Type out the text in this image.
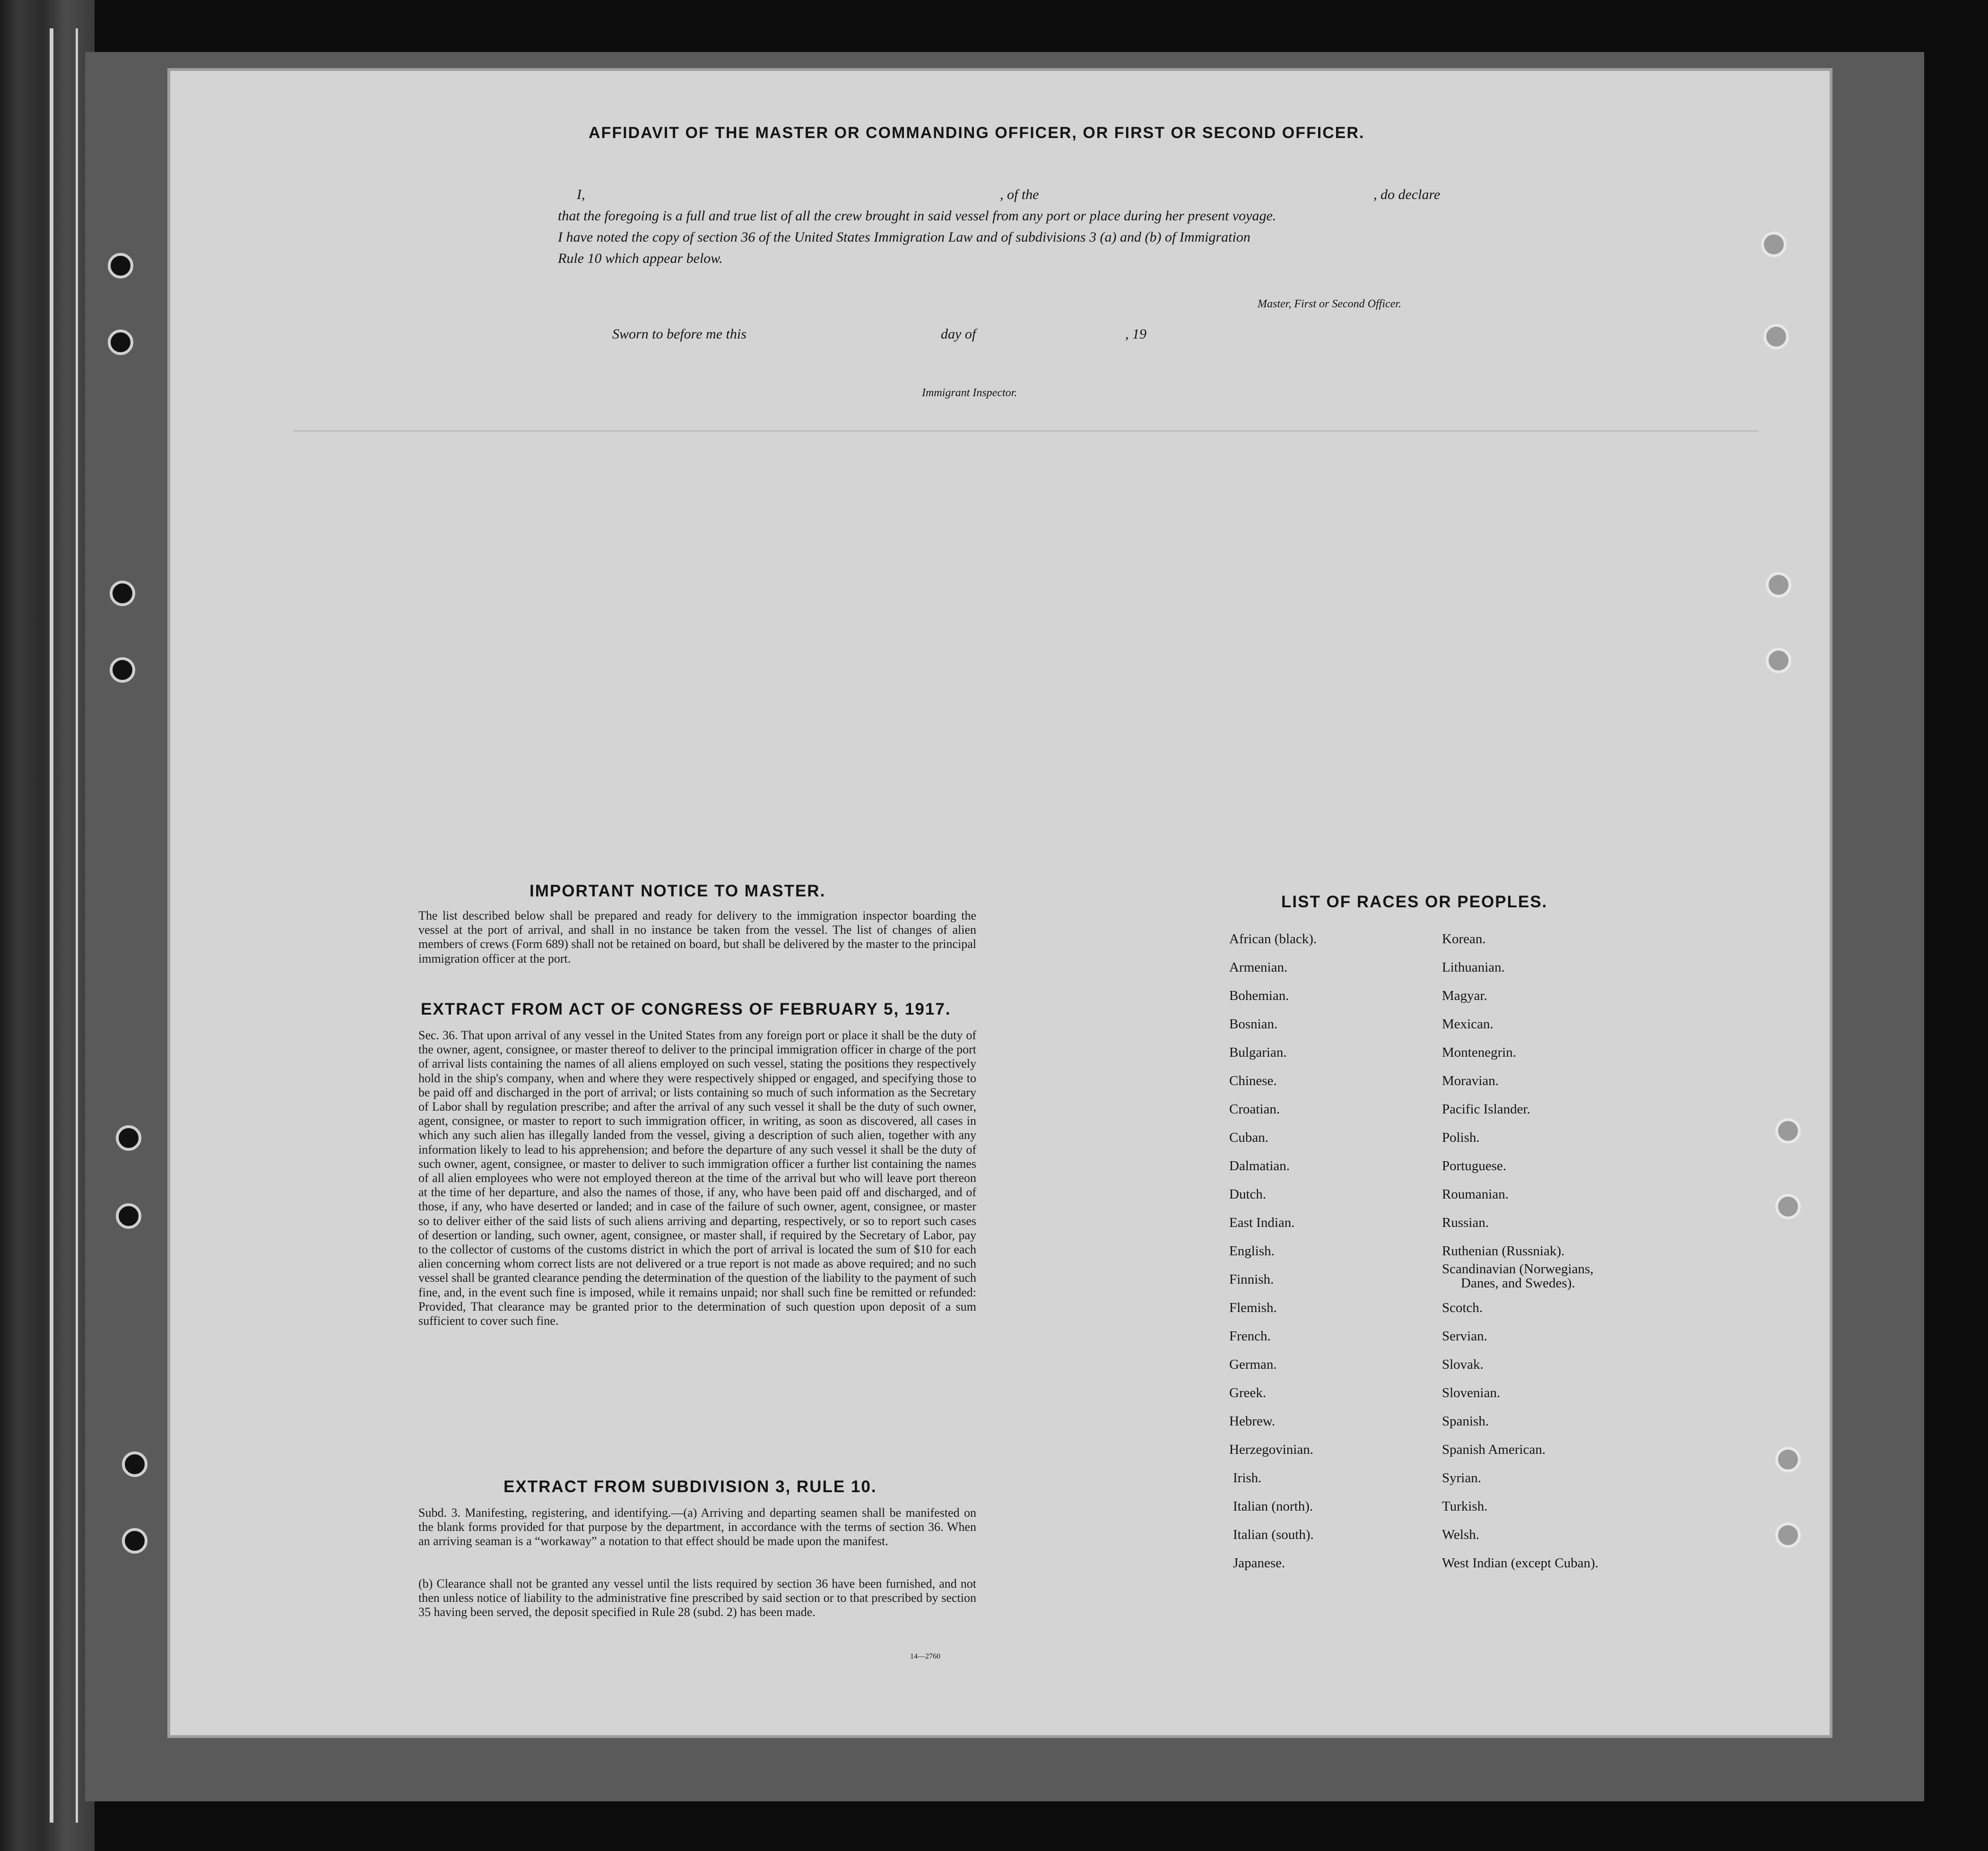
AFFIDAVIT OF THE MASTER OR COMMANDING OFFICER, OR FIRST OR SECOND OFFICER.
I,	, of the	, do declare
that the foregoing is a full and true list of all the crew brought in said vessel from any port or place during her present voyage.
I have noted the copy of section 36 of the United States Immigration Law and of subdivisions 3 (a) and (b) of Immigration
Rule 10 which appear below.
Master, First or Second Officer.
Sworn to before me this	day of	, 19
Immigrant Inspector.
IMPORTANT NOTICE TO MASTER.
The list described below shall be prepared and ready for delivery to the immigration inspector boarding the vessel at the port of arrival, and shall in no instance be taken from the vessel. The list of changes of alien members of crews (Form 689) shall not be retained on board, but shall be delivered by the master to the principal immigration officer at the port.
EXTRACT FROM ACT OF CONGRESS OF FEBRUARY 5, 1917.
Sec. 36. That upon arrival of any vessel in the United States from any foreign port or place it shall be the duty of the owner, agent, consignee, or master thereof to deliver to the principal immigration officer in charge of the port of arrival lists containing the names of all aliens employed on such vessel, stating the positions they respectively hold in the ship's company, when and where they were respectively shipped or engaged, and specifying those to be paid off and discharged in the port of arrival; or lists containing so much of such information as the Secretary of Labor shall by regulation prescribe; and after the arrival of any such vessel it shall be the duty of such owner, agent, consignee, or master to report to such immigration officer, in writing, as soon as discovered, all cases in which any such alien has illegally landed from the vessel, giving a description of such alien, together with any information likely to lead to his apprehension; and before the departure of any such vessel it shall be the duty of such owner, agent, consignee, or master to deliver to such immigration officer a further list containing the names of all alien employees who were not employed thereon at the time of the arrival but who will leave port thereon at the time of her departure, and also the names of those, if any, who have been paid off and discharged, and of those, if any, who have deserted or landed; and in case of the failure of such owner, agent, consignee, or master so to deliver either of the said lists of such aliens arriving and departing, respectively, or so to report such cases of desertion or landing, such owner, agent, consignee, or master shall, if required by the Secretary of Labor, pay to the collector of customs of the customs district in which the port of arrival is located the sum of $10 for each alien concerning whom correct lists are not delivered or a true report is not made as above required; and no such vessel shall be granted clearance pending the determination of the question of the liability to the payment of such fine, and, in the event such fine is imposed, while it remains unpaid; nor shall such fine be remitted or refunded: Provided, That clearance may be granted prior to the determination of such question upon deposit of a sum sufficient to cover such fine.
EXTRACT FROM SUBDIVISION 3, RULE 10.
Subd. 3. Manifesting, registering, and identifying.—(a) Arriving and departing seamen shall be manifested on the blank forms provided for that purpose by the department, in accordance with the terms of section 36. When an arriving seaman is a “workaway” a notation to that effect should be made upon the manifest.
(b) Clearance shall not be granted any vessel until the lists required by section 36 have been furnished, and not then unless notice of liability to the administrative fine prescribed by said section or to that prescribed by section 35 having been served, the deposit specified in Rule 28 (subd. 2) has been made.
14—2760
LIST OF RACES OR PEOPLES.
African (black).
Armenian.
Bohemian.
Bosnian.
Bulgarian.
Chinese.
Croatian.
Cuban.
Dalmatian.
Dutch.
East Indian.
English.
Finnish.
Flemish.
French.
German.
Greek.
Hebrew.
Herzegovinian.
Irish.
Italian (north).
Italian (south).
Japanese.
Korean.
Lithuanian.
Magyar.
Mexican.
Montenegrin.
Moravian.
Pacific Islander.
Polish.
Portuguese.
Roumanian.
Russian.
Ruthenian (Russniak).
Scandinavian (Norwegians,
Danes, and Swedes).
Scotch.
Servian.
Slovak.
Slovenian.
Spanish.
Spanish American.
Syrian.
Turkish.
Welsh.
West Indian (except Cuban).
